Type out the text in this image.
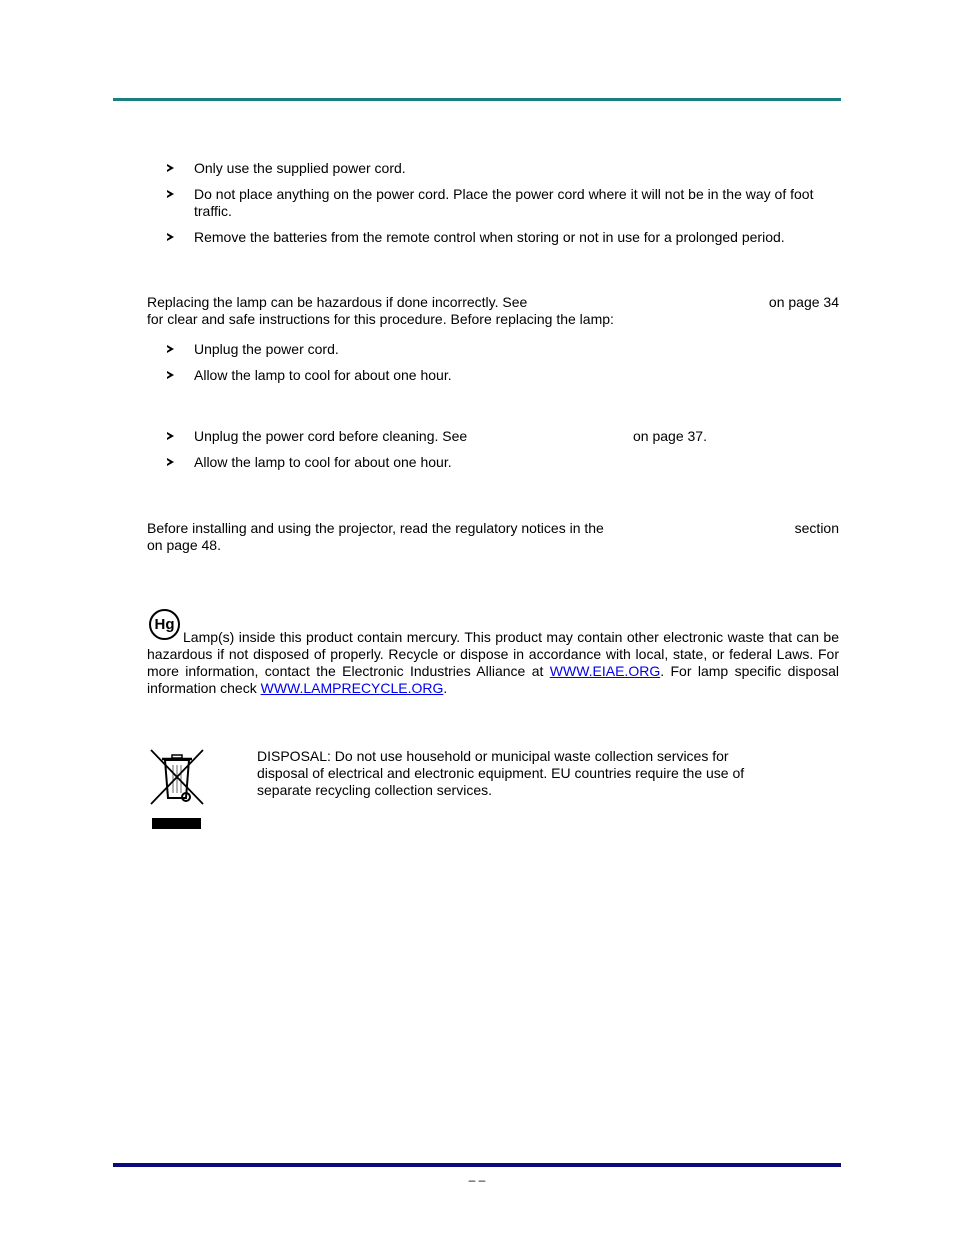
Only use the supplied power cord.
Do not place anything on the power cord. Place the power cord where it will not be in the way of foot traffic.
Remove the batteries from the remote control when storing or not in use for a prolonged period.
Replacing the lamp can be hazardous if done incorrectly. See	on page 34
for clear and safe instructions for this procedure. Before replacing the lamp:
Unplug the power cord.
Allow the lamp to cool for about one hour.
Unplug the power cord before cleaning. See	on page 37.
Allow the lamp to cool for about one hour.
Before installing and using the projector, read the regulatory notices in the	section
on page 48.
Hg

Lamp(s) inside this product contain mercury. This product may contain other electronic waste that can be hazardous if not disposed of properly. Recycle or dispose in accordance with local, state, or federal Laws. For more information, contact the Electronic Industries Alliance at WWW.EIAE.ORG. For lamp specific disposal information check WWW.LAMPRECYCLE.ORG.

DISPOSAL: Do not use household or municipal waste collection services for disposal of electrical and electronic equipment. EU countries require the use of separate recycling collection services.

– –
